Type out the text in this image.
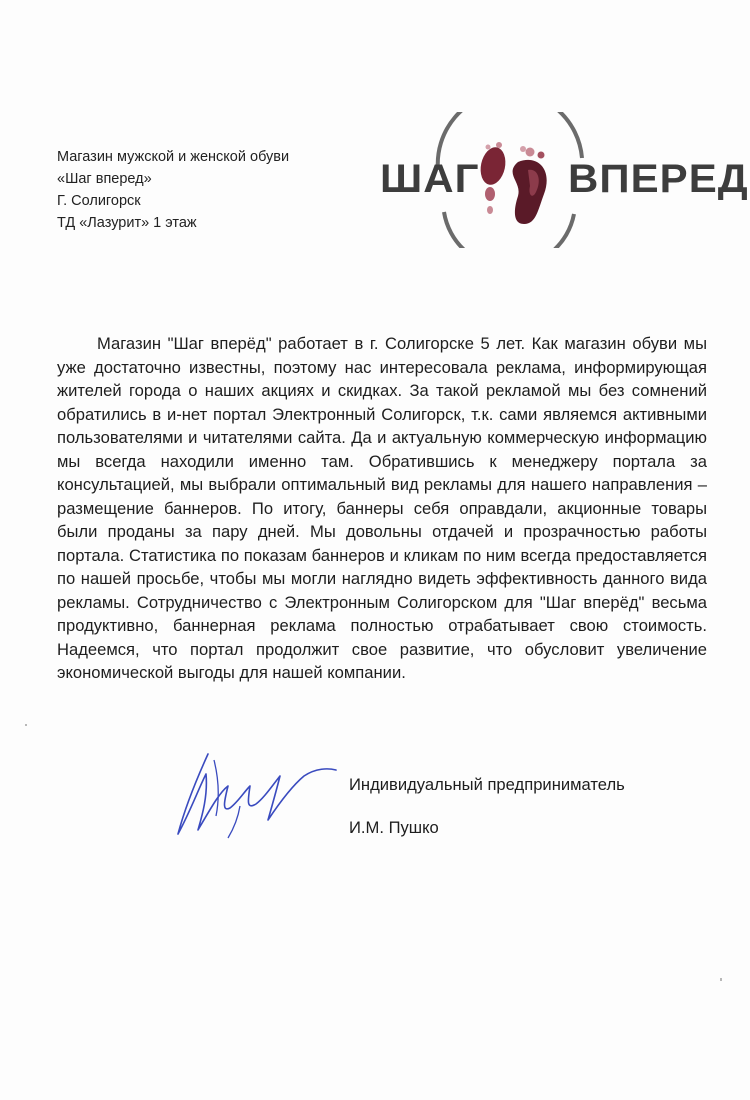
Магазин мужской и женской обуви
«Шаг вперед»
Г. Солигорск
ТД «Лазурит» 1 этаж
ШАГ ВПЕРЕД
Магазин "Шаг вперёд" работает в г. Солигорске 5 лет. Как магазин обуви мы уже достаточно известны, поэтому нас интересовала реклама, информирующая жителей города о наших акциях и скидках. За такой рекламой мы без сомнений обратились в и-нет портал Электронный Солигорск, т.к. сами являемся активными пользователями и читателями сайта. Да и актуальную коммерческую информацию мы всегда находили именно там. Обратившись к менеджеру портала за консультацией, мы выбрали оптимальный вид рекламы для нашего направления – размещение баннеров. По итогу, баннеры себя оправдали, акционные товары были проданы за пару дней. Мы довольны отдачей и прозрачностью работы портала. Статистика по показам баннеров и кликам по ним всегда предоставляется по нашей просьбе, чтобы мы могли наглядно видеть эффективность данного вида рекламы. Сотрудничество с Электронным Солигорском для "Шаг вперёд" весьма продуктивно, баннерная реклама полностью отрабатывает свою стоимость. Надеемся, что портал продолжит свое развитие, что обусловит увеличение экономической выгоды для нашей компании.
Индивидуальный предприниматель
И.М. Пушко
